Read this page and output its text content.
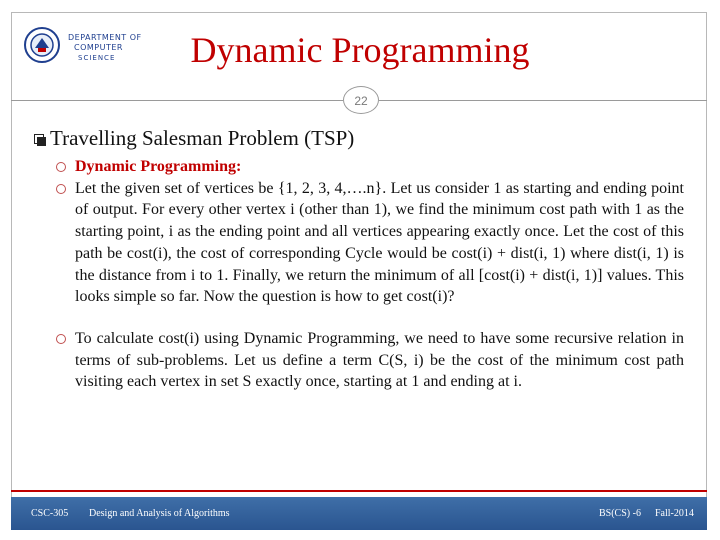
DEPARTMENT OF
COMPUTER
SCIENCE	Dynamic Programming
22
Travelling Salesman Problem (TSP)
Dynamic Programming:
Let the given set of vertices be {1, 2, 3, 4,….n}. Let us consider 1 as starting and ending point of output. For every other vertex i (other than 1), we find the minimum cost path with 1 as the starting point, i as the ending point and all vertices appearing exactly once. Let the cost of this path be cost(i), the cost of corresponding Cycle would be cost(i) + dist(i, 1) where dist(i, 1) is the distance from i to 1. Finally, we return the minimum of all [cost(i) + dist(i, 1)] values. This looks simple so far. Now the question is how to get cost(i)?
To calculate cost(i) using Dynamic Programming, we need to have some recursive relation in terms of sub-problems. Let us define a term C(S, i) be the cost of the minimum cost path visiting each vertex in set S exactly once, starting at 1 and ending at i.
CSC-305 Design and Analysis of Algorithms	BS(CS) -6 Fall-2014
